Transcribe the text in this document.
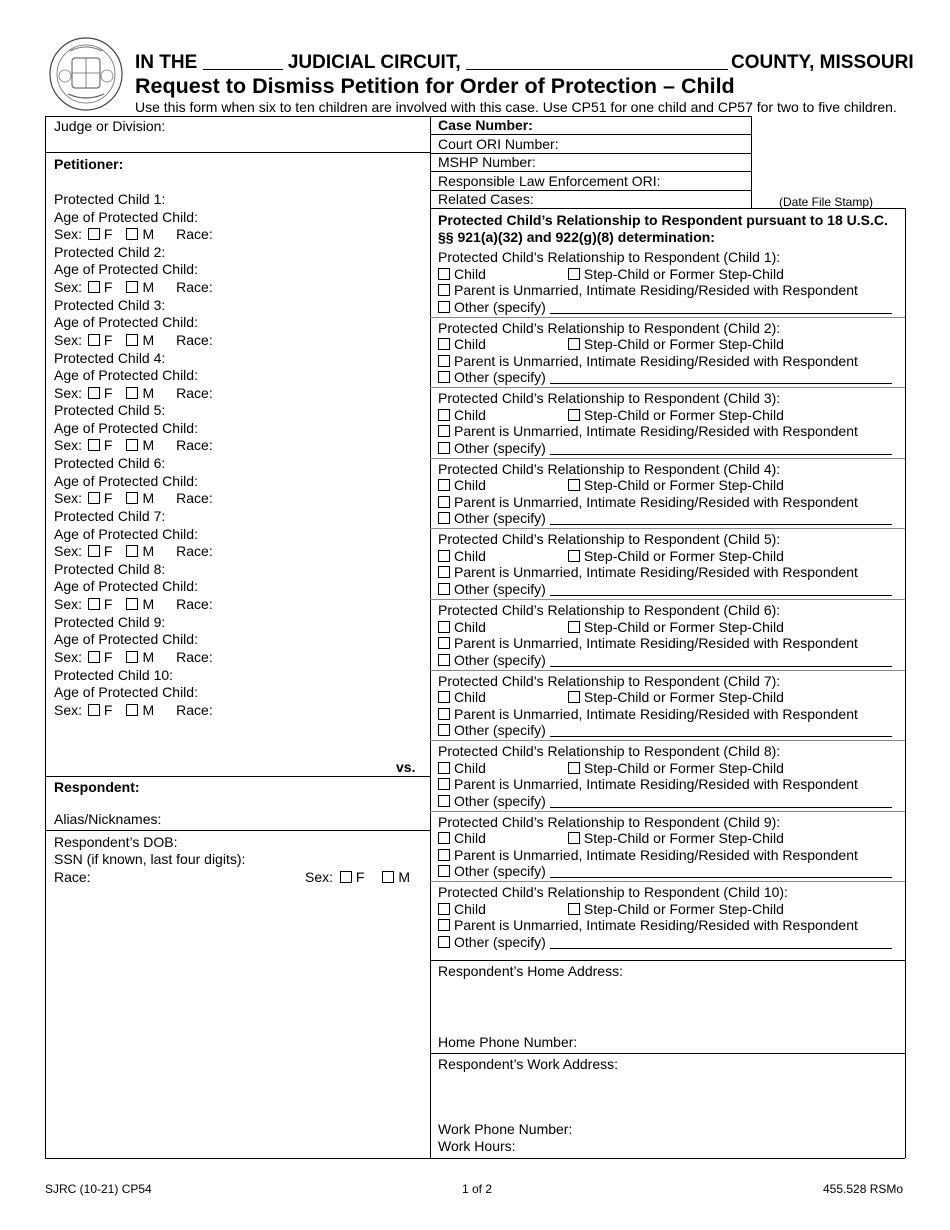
IN THE	JUDICIAL CIRCUIT,	COUNTY, MISSOURI
Request to Dismiss Petition for Order of Protection – Child
Use this form when six to ten children are involved with this case. Use CP51 for one child and CP57 for two to five children.
Judge or Division:
Petitioner:
Protected Child 1:
Age of Protected Child:
Sex: F M Race:
Protected Child 2:
Age of Protected Child:
Sex: F M Race:
Protected Child 3:
Age of Protected Child:
Sex: F M Race:
Protected Child 4:
Age of Protected Child:
Sex: F M Race:
Protected Child 5:
Age of Protected Child:
Sex: F M Race:
Protected Child 6:
Age of Protected Child:
Sex: F M Race:
Protected Child 7:
Age of Protected Child:
Sex: F M Race:
Protected Child 8:
Age of Protected Child:
Sex: F M Race:
Protected Child 9:
Age of Protected Child:
Sex: F M Race:
Protected Child 10:
Age of Protected Child:
Sex: F M Race:
vs.
Respondent:
Alias/Nicknames:
Respondent’s DOB:
SSN (if known, last four digits):
Race:	Sex: F M
Case Number:
Court ORI Number:
MSHP Number:
Responsible Law Enforcement ORI:
Related Cases:	(Date File Stamp)
Protected Child’s Relationship to Respondent pursuant to 18 U.S.C.
§§ 921(a)(32) and 922(g)(8) determination:
Protected Child’s Relationship to Respondent (Child 1):
Child	Step-Child or Former Step-Child
Parent is Unmarried, Intimate Residing/Resided with Respondent
Other (specify)
Protected Child’s Relationship to Respondent (Child 2):
Child	Step-Child or Former Step-Child
Parent is Unmarried, Intimate Residing/Resided with Respondent
Other (specify)
Protected Child’s Relationship to Respondent (Child 3):
Child	Step-Child or Former Step-Child
Parent is Unmarried, Intimate Residing/Resided with Respondent
Other (specify)
Protected Child’s Relationship to Respondent (Child 4):
Child	Step-Child or Former Step-Child
Parent is Unmarried, Intimate Residing/Resided with Respondent
Other (specify)
Protected Child’s Relationship to Respondent (Child 5):
Child	Step-Child or Former Step-Child
Parent is Unmarried, Intimate Residing/Resided with Respondent
Other (specify)
Protected Child’s Relationship to Respondent (Child 6):
Child	Step-Child or Former Step-Child
Parent is Unmarried, Intimate Residing/Resided with Respondent
Other (specify)
Protected Child’s Relationship to Respondent (Child 7):
Child	Step-Child or Former Step-Child
Parent is Unmarried, Intimate Residing/Resided with Respondent
Other (specify)
Protected Child’s Relationship to Respondent (Child 8):
Child	Step-Child or Former Step-Child
Parent is Unmarried, Intimate Residing/Resided with Respondent
Other (specify)
Protected Child’s Relationship to Respondent (Child 9):
Child	Step-Child or Former Step-Child
Parent is Unmarried, Intimate Residing/Resided with Respondent
Other (specify)
Protected Child’s Relationship to Respondent (Child 10):
Child	Step-Child or Former Step-Child
Parent is Unmarried, Intimate Residing/Resided with Respondent
Other (specify)
Respondent’s Home Address:
Home Phone Number:
Respondent’s Work Address:
Work Phone Number:
Work Hours:
SJRC (10-21) CP54	1 of 2	455.528 RSMo
